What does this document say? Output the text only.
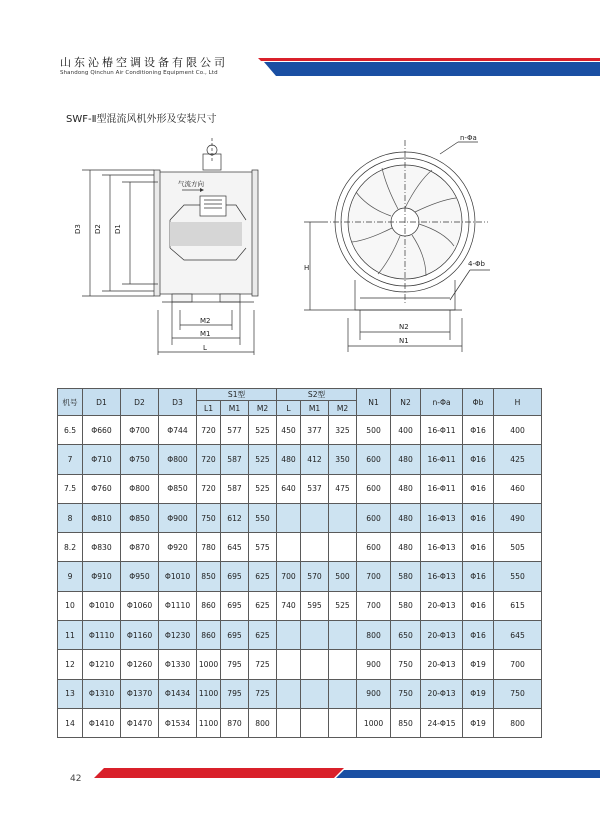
山东沁椿空调设备有限公司
Shandong Qinchun Air Conditioning Equipment Co., Ltd
SWF-Ⅱ型混流风机外形及安装尺寸
D3 D2 D1
气流方向
M2
M1
L
H
N2
N1
n-Φa
4-Φb
机号	D1	D2	D3	S1型			S2型			N1	N2	n-Φa	Φb	H
				L1	M1	M2	L	M1	M2					
6.5	Φ660	Φ700	Φ744	720	577	525	450	377	325	500	400	16-Φ11	Φ16	400
7	Φ710	Φ750	Φ800	720	587	525	480	412	350	600	480	16-Φ11	Φ16	425
7.5	Φ760	Φ800	Φ850	720	587	525	640	537	475	600	480	16-Φ11	Φ16	460
8	Φ810	Φ850	Φ900	750	612	550				600	480	16-Φ13	Φ16	490
8.2	Φ830	Φ870	Φ920	780	645	575				600	480	16-Φ13	Φ16	505
9	Φ910	Φ950	Φ1010	850	695	625	700	570	500	700	580	16-Φ13	Φ16	550
10	Φ1010	Φ1060	Φ1110	860	695	625	740	595	525	700	580	20-Φ13	Φ16	615
11	Φ1110	Φ1160	Φ1230	860	695	625				800	650	20-Φ13	Φ16	645
12	Φ1210	Φ1260	Φ1330	1000	795	725				900	750	20-Φ13	Φ19	700
13	Φ1310	Φ1370	Φ1434	1100	795	725				900	750	20-Φ13	Φ19	750
14	Φ1410	Φ1470	Φ1534	1100	870	800				1000	850	24-Φ15	Φ19	800
42
